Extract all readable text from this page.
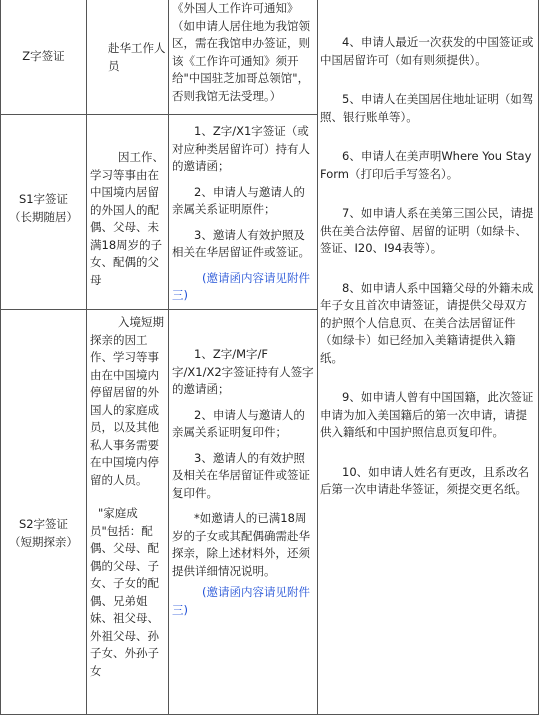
Z字签证
赴华工作人员

《外国人工作许可通知》（如申请人居住地为我馆领区，需在我馆申办签证，则该《工作许可通知》须开给"中国驻芝加哥总领馆"，否则我馆无法受理。）

S1字签证

（长期随居）

因工作、学习等事由在中国境内居留的外国人的配偶、父母、未满18周岁的子女、配偶的父母

1、Z字/X1字签证（或对应种类居留许可）持有人的邀请函；

2、申请人与邀请人的亲属关系证明原件；

3、邀请人有效护照及相关在华居留证件或签证。

(邀请函内容请见附件三)

S2字签证

（短期探亲）

入境短期探亲的因工作、学习等事由在中国境内停留居留的外国人的家庭成员，以及其他私人事务需要在中国境内停留的人员。

"家庭成员"包括：配偶、父母、配偶的父母、子女、子女的配偶、兄弟姐妹、祖父母、外祖父母、孙子女、外孙子女

1、Z字/M字/F字/X1/X2字签证持有人签字的邀请函；

2、申请人与邀请人的亲属关系证明复印件；

3、邀请人的有效护照及相关在华居留证件或签证复印件。

*如邀请人的已满18周岁的子女或其配偶确需赴华探亲，除上述材料外，还须提供详细情况说明。

(邀请函内容请见附件三)

4、申请人最近一次获发的中国签证或中国居留许可（如有则须提供）。

5、申请人在美国居住地址证明（如驾照、银行账单等）。

6、申请人在美声明Where You Stay Form（打印后手写签名）。

7、如申请人系在美第三国公民，请提供在美合法停留、居留的证明（如绿卡、签证、I20、I94表等）。

8、如申请人系中国籍父母的外籍未成年子女且首次申请签证，请提供父母双方的护照个人信息页、在美合法居留证件（如绿卡）如已经加入美籍请提供入籍纸。

9、如申请人曾有中国国籍，此次签证申请为加入美国籍后的第一次申请，请提供入籍纸和中国护照信息页复印件。

10、如申请人姓名有更改，且系改名后第一次申请赴华签证，须提交更名纸。
